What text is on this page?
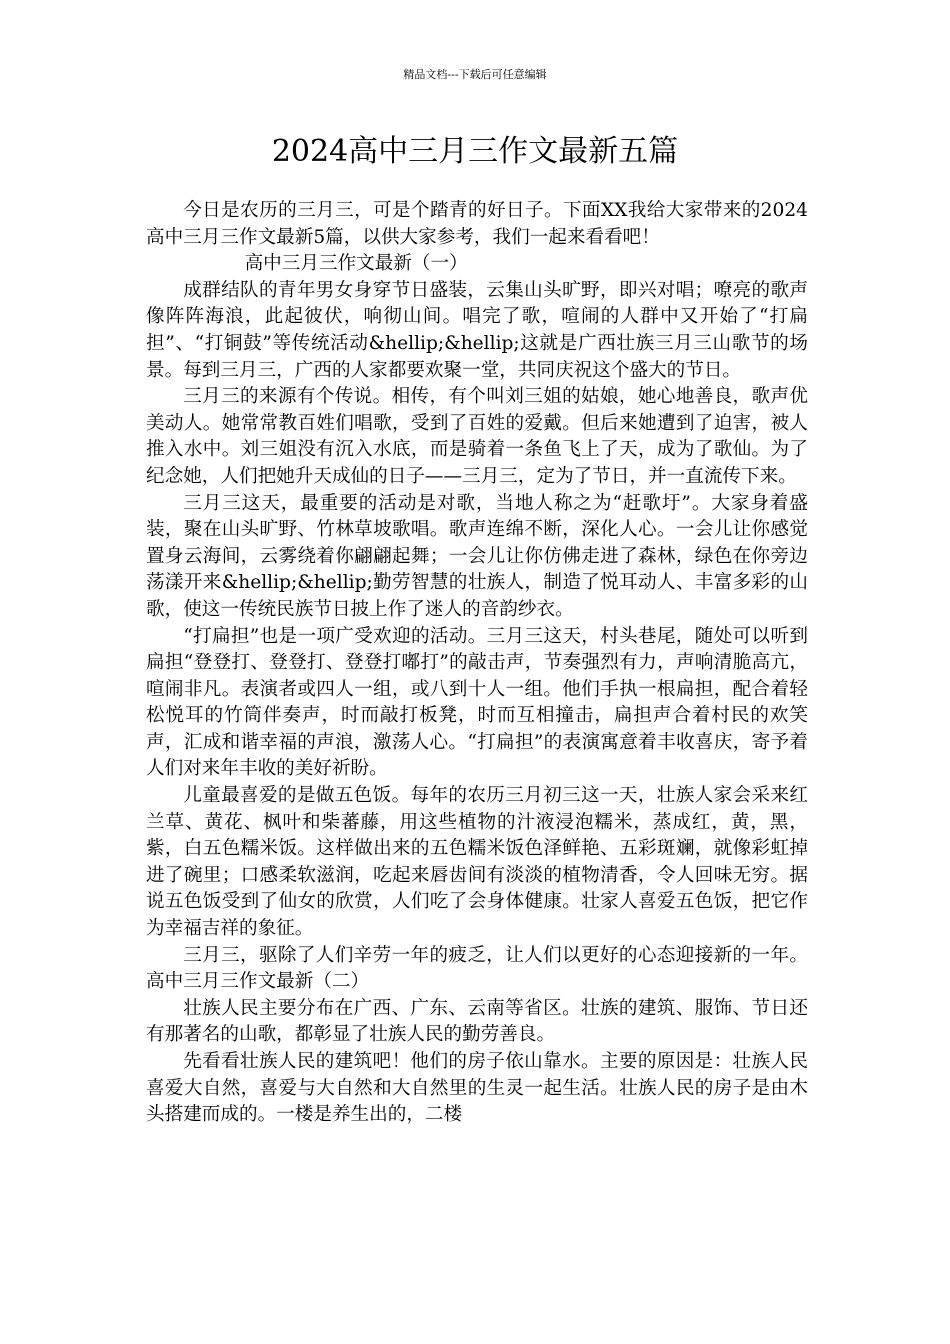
精品文档---下载后可任意编辑
2024高中三月三作文最新五篇

今日是农历的三月三，可是个踏青的好日子。下面XX我给大家带来的2024高中三月三作文最新5篇，以供大家参考，我们一起来看看吧！

高中三月三作文最新（一）

成群结队的青年男女身穿节日盛装，云集山头旷野，即兴对唱；嘹亮的歌声像阵阵海浪，此起彼伏，响彻山间。唱完了歌，喧闹的人群中又开始了“打扁担”、“打铜鼓”等传统活动&hellip;&hellip;这就是广西壮族三月三山歌节的场景。每到三月三，广西的人家都要欢聚一堂，共同庆祝这个盛大的节日。

三月三的来源有个传说。相传，有个叫刘三姐的姑娘，她心地善良，歌声优美动人。她常常教百姓们唱歌，受到了百姓的爱戴。但后来她遭到了迫害，被人推入水中。刘三姐没有沉入水底，而是骑着一条鱼飞上了天，成为了歌仙。为了纪念她，人们把她升天成仙的日子——三月三，定为了节日，并一直流传下来。

三月三这天，最重要的活动是对歌，当地人称之为“赶歌圩”。大家身着盛装，聚在山头旷野、竹林草坡歌唱。歌声连绵不断，深化人心。一会儿让你感觉置身云海间，云雾绕着你翩翩起舞；一会儿让你仿佛走进了森林，绿色在你旁边荡漾开来&hellip;&hellip;勤劳智慧的壮族人，制造了悦耳动人、丰富多彩的山歌，使这一传统民族节日披上作了迷人的音韵纱衣。

“打扁担”也是一项广受欢迎的活动。三月三这天，村头巷尾，随处可以听到扁担“登登打、登登打、登登打嘟打”的敲击声，节奏强烈有力，声响清脆高亢，喧闹非凡。表演者或四人一组，或八到十人一组。他们手执一根扁担，配合着轻松悦耳的竹筒伴奏声，时而敲打板凳，时而互相撞击，扁担声合着村民的欢笑声，汇成和谐幸福的声浪，激荡人心。“打扁担”的表演寓意着丰收喜庆，寄予着人们对来年丰收的美好祈盼。

儿童最喜爱的是做五色饭。每年的农历三月初三这一天，壮族人家会采来红兰草、黄花、枫叶和柴蕃藤，用这些植物的汁液浸泡糯米，蒸成红，黄，黑，紫，白五色糯米饭。这样做出来的五色糯米饭色泽鲜艳、五彩斑斓，就像彩虹掉进了碗里；口感柔软滋润，吃起来唇齿间有淡淡的植物清香，令人回味无穷。据说五色饭受到了仙女的欣赏，人们吃了会身体健康。壮家人喜爱五色饭，把它作为幸福吉祥的象征。

三月三，驱除了人们辛劳一年的疲乏，让人们以更好的心态迎接新的一年。 高中三月三作文最新（二）

壮族人民主要分布在广西、广东、云南等省区。壮族的建筑、服饰、节日还有那著名的山歌，都彰显了壮族人民的勤劳善良。

先看看壮族人民的建筑吧！他们的房子依山靠水。主要的原因是：壮族人民喜爱大自然，喜爱与大自然和大自然里的生灵一起生活。壮族人民的房子是由木头搭建而成的。一楼是养生出的，二楼
